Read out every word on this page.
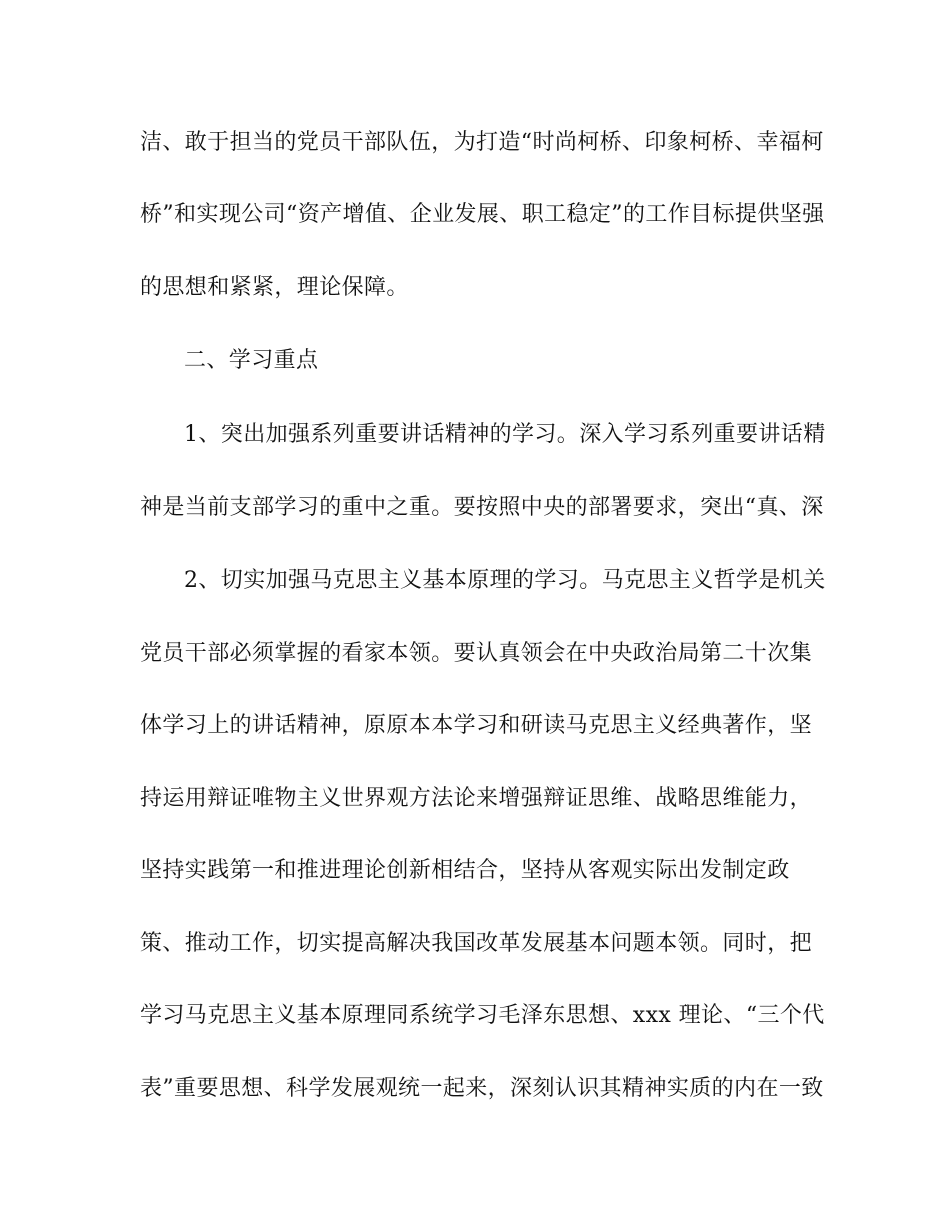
洁、敢于担当的党员干部队伍，为打造“时尚柯桥、印象柯桥、幸福柯
桥”和实现公司“资产增值、企业发展、职工稳定”的工作目标提供坚强
的思想和紧紧，理论保障。
二、学习重点
1、突出加强系列重要讲话精神的学习。深入学习系列重要讲话精
神是当前支部学习的重中之重。要按照中央的部署要求，突出“真、深
2、切实加强马克思主义基本原理的学习。马克思主义哲学是机关
党员干部必须掌握的看家本领。要认真领会在中央政治局第二十次集
体学习上的讲话精神，原原本本学习和研读马克思主义经典著作，坚
持运用辩证唯物主义世界观方法论来增强辩证思维、战略思维能力，
坚持实践第一和推进理论创新相结合，坚持从客观实际出发制定政
策、推动工作，切实提高解决我国改革发展基本问题本领。同时，把
学习马克思主义基本原理同系统学习毛泽东思想、xxx 理论、“三个代
表”重要思想、科学发展观统一起来，深刻认识其精神实质的内在一致
